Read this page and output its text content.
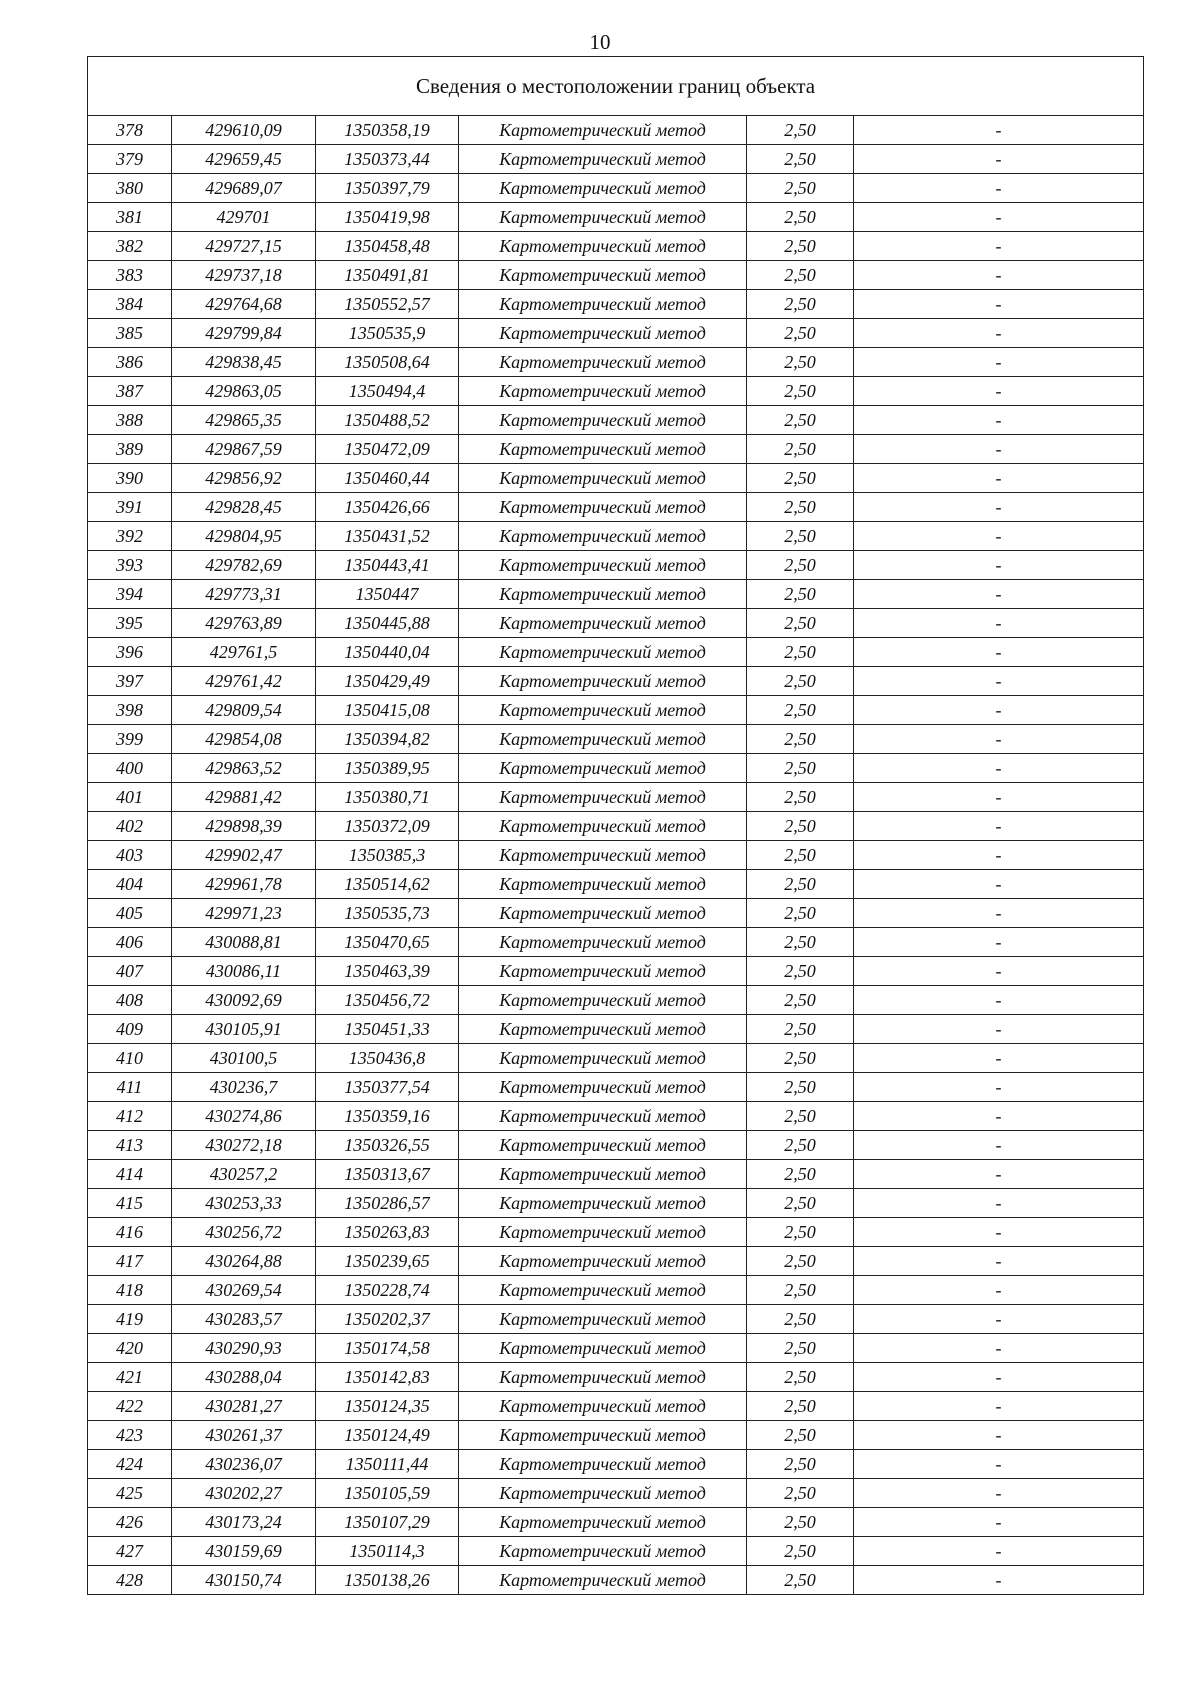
10
Сведения о местоположении границ объекта					
378	429610,09	1350358,19	Картометрический метод	2,50	-
379	429659,45	1350373,44	Картометрический метод	2,50	-
380	429689,07	1350397,79	Картометрический метод	2,50	-
381	429701	1350419,98	Картометрический метод	2,50	-
382	429727,15	1350458,48	Картометрический метод	2,50	-
383	429737,18	1350491,81	Картометрический метод	2,50	-
384	429764,68	1350552,57	Картометрический метод	2,50	-
385	429799,84	1350535,9	Картометрический метод	2,50	-
386	429838,45	1350508,64	Картометрический метод	2,50	-
387	429863,05	1350494,4	Картометрический метод	2,50	-
388	429865,35	1350488,52	Картометрический метод	2,50	-
389	429867,59	1350472,09	Картометрический метод	2,50	-
390	429856,92	1350460,44	Картометрический метод	2,50	-
391	429828,45	1350426,66	Картометрический метод	2,50	-
392	429804,95	1350431,52	Картометрический метод	2,50	-
393	429782,69	1350443,41	Картометрический метод	2,50	-
394	429773,31	1350447	Картометрический метод	2,50	-
395	429763,89	1350445,88	Картометрический метод	2,50	-
396	429761,5	1350440,04	Картометрический метод	2,50	-
397	429761,42	1350429,49	Картометрический метод	2,50	-
398	429809,54	1350415,08	Картометрический метод	2,50	-
399	429854,08	1350394,82	Картометрический метод	2,50	-
400	429863,52	1350389,95	Картометрический метод	2,50	-
401	429881,42	1350380,71	Картометрический метод	2,50	-
402	429898,39	1350372,09	Картометрический метод	2,50	-
403	429902,47	1350385,3	Картометрический метод	2,50	-
404	429961,78	1350514,62	Картометрический метод	2,50	-
405	429971,23	1350535,73	Картометрический метод	2,50	-
406	430088,81	1350470,65	Картометрический метод	2,50	-
407	430086,11	1350463,39	Картометрический метод	2,50	-
408	430092,69	1350456,72	Картометрический метод	2,50	-
409	430105,91	1350451,33	Картометрический метод	2,50	-
410	430100,5	1350436,8	Картометрический метод	2,50	-
411	430236,7	1350377,54	Картометрический метод	2,50	-
412	430274,86	1350359,16	Картометрический метод	2,50	-
413	430272,18	1350326,55	Картометрический метод	2,50	-
414	430257,2	1350313,67	Картометрический метод	2,50	-
415	430253,33	1350286,57	Картометрический метод	2,50	-
416	430256,72	1350263,83	Картометрический метод	2,50	-
417	430264,88	1350239,65	Картометрический метод	2,50	-
418	430269,54	1350228,74	Картометрический метод	2,50	-
419	430283,57	1350202,37	Картометрический метод	2,50	-
420	430290,93	1350174,58	Картометрический метод	2,50	-
421	430288,04	1350142,83	Картометрический метод	2,50	-
422	430281,27	1350124,35	Картометрический метод	2,50	-
423	430261,37	1350124,49	Картометрический метод	2,50	-
424	430236,07	1350111,44	Картометрический метод	2,50	-
425	430202,27	1350105,59	Картометрический метод	2,50	-
426	430173,24	1350107,29	Картометрический метод	2,50	-
427	430159,69	1350114,3	Картометрический метод	2,50	-
428	430150,74	1350138,26	Картометрический метод	2,50	-
